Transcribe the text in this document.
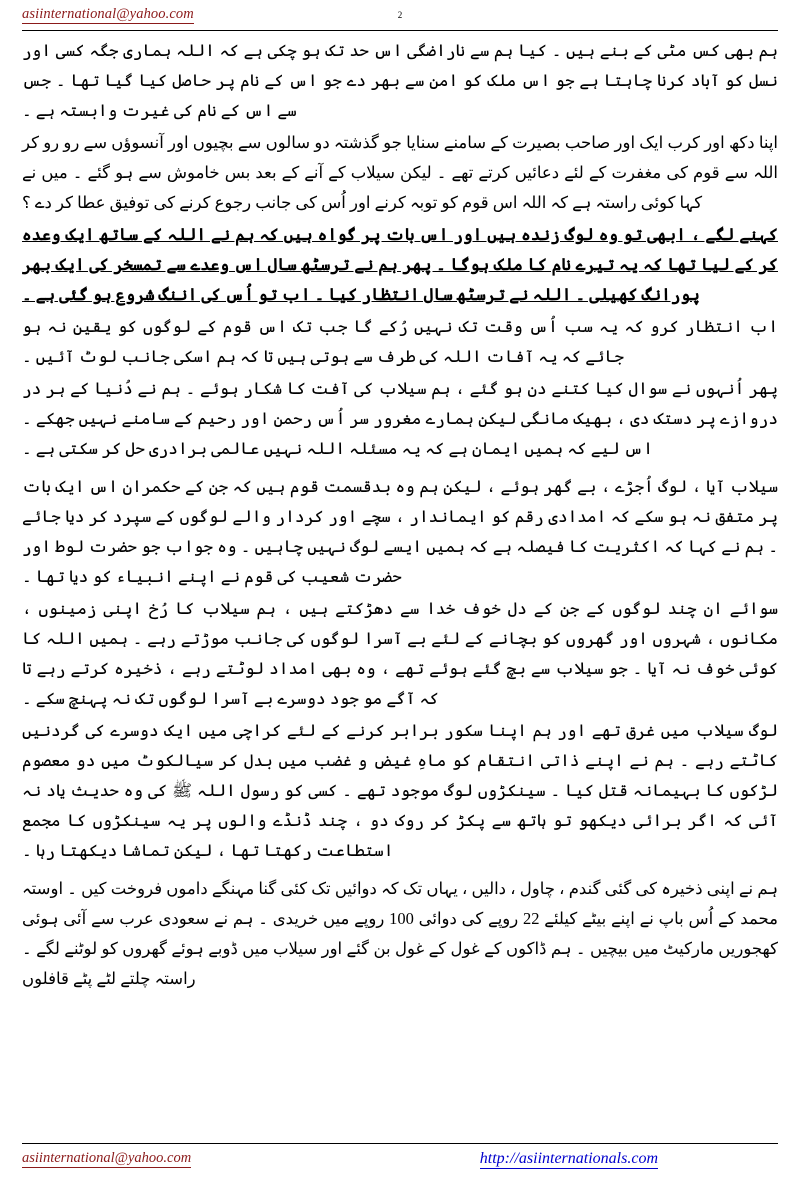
asiinternational@yahoo.com	2

ہم بھی کس مٹی کے بنے ہیں ۔ کیا ہم سے ناراضگی اس حد تک ہو چکی ہے کہ اللہ ہماری جگہ کسی اور نسل کو آباد کرنا چاہتا ہے جو اس ملک کو امن سے بھر دے جو اس کے نام پر حاصل کیا گیا تھا ۔ جس سے اس کے نام کی غیرت وابستہ ہے ۔

اپنا دکھ اور کرب ایک اور صاحب بصیرت کے سامنے سنایا جو گذشتہ دو سالوں سے بچیوں اور آنسوؤں سے رو رو کر اللہ سے قوم کی مغفرت کے لئے دعائیں کرتے تھے ۔ لیکن سیلاب کے آنے کے بعد بس خاموش سے ہو گئے ۔ میں نے کہا کوئی راستہ ہے کہ اللہ اس قوم کو توبہ کرنے اور اُس کی جانب رجوع کرنے کی توفیق عطا کر دے ؟

کہنے لگے ، ابھی تو وہ لوگ زندہ ہیں اور اس بات پر گواہ ہیں کہ ہم نے اللہ کے ساتھ ایک وعدہ کر کے لیا تھا کہ یہ تیرے نام کا ملک ہوگا ۔ پھر ہم نے ترسٹھ سال اس وعدے سے تمسخر کی ایک بھر پورانگ کھیلی ۔ اللہ نے ترسٹھ سال انتظار کیا ۔ اب تو اُس کی اننگ شروع ہو گئی ہے ۔

اب انتظار کرو کہ یہ سب اُس وقت تک نہیں رُکے گا جب تک اس قوم کے لوگوں کو یقین نہ ہو جائے کہ یہ آفات اللہ کی طرف سے ہوتی ہیں تا کہ ہم اسکی جانب لوٹ آئیں ۔

پھر اُنہوں نے سوال کیا کتنے دن ہو گئے ، ہم سیلاب کی آفت کا شکار ہوئے ۔ ہم نے دُنیا کے ہر در دروازے پر دستک دی ، بھیک مانگی لیکن ہمارے مغرور سر اُس رحمن اور رحیم کے سامنے نہیں جھکے ۔ اس لیے کہ ہمیں ایمان ہے کہ یہ مسئلہ اللہ نہیں عالمی برادری حل کر سکتی ہے ۔

سیلاب آیا ، لوگ اُجڑے ، بے گھر ہوئے ، لیکن ہم وہ بدقسمت قوم ہیں کہ جن کے حکمران اس ایک بات پر متفق نہ ہو سکے کہ امدادی رقم کو ایماندار ، سچے اور کردار والے لوگوں کے سپرد کر دیا جائے ۔ ہم نے کہا کہ اکثریت کا فیصلہ ہے کہ ہمیں ایسے لوگ نہیں چاہیں ۔ وہ جواب جو حضرت لوط اور حضرت شعیب کی قوم نے اپنے انبیاء کو دیا تھا ۔

سوائے ان چند لوگوں کے جن کے دل خوف خدا سے دھڑکتے ہیں ، ہم سیلاب کا رُخ اپنی زمینوں ، مکانوں ، شہروں اور گھروں کو بچانے کے لئے بے آسرا لوگوں کی جانب موڑتے رہے ۔ ہمیں اللہ کا کوئی خوف نہ آیا ۔ جو سیلاب سے بچ گئے ہوئے تھے ، وہ بھی امداد لوٹتے رہے ، ذخیرہ کرتے رہے تا کہ آگے مو جود دوسرے بے آسرا لوگوں تک نہ پہنچ سکے ۔

لوگ سیلاب میں غرق تھے اور ہم اپنا سکور برابر کرنے کے لئے کراچی میں ایک دوسرے کی گردنیں کاٹتے رہے ۔ ہم نے اپنے ذاتی انتقام کو ماہِ غیض و غضب میں بدل کر سیالکوٹ میں دو معصوم لڑکوں کا بہیمانہ قتل کیا ۔ سینکڑوں لوگ موجود تھے ۔ کسی کو رسول اللہ ﷺ کی وہ حدیث یاد نہ آئی کہ اگر برائی دیکھو تو ہاتھ سے پکڑ کر روک دو ، چند ڈنڈے والوں پر یہ سینکڑوں کا مجمع استطاعت رکھتا تھا ، لیکن تماشا دیکھتا رہا ۔

ہم نے اپنی ذخیرہ کی گئی گندم ، چاول ، دالیں ، یہاں تک کہ دوائیں تک کئی گنا مہنگے داموں فروخت کیں ۔ اوستہ محمد کے اُس باپ نے اپنے بیٹے کیلئے 22 روپے کی دوائی 100 روپے میں خریدی ۔ ہم نے سعودی عرب سے آئی ہوئی کھجوریں مارکیٹ میں بیچیں ۔ ہم ڈاکوں کے غول کے غول بن گئے اور سیلاب میں ڈوبے ہوئے گھروں کو لوٹنے لگے ۔ راستہ چلتے لٹے پٹے قافلوں

asiinternational@yahoo.com	http://asiinternationals.com
